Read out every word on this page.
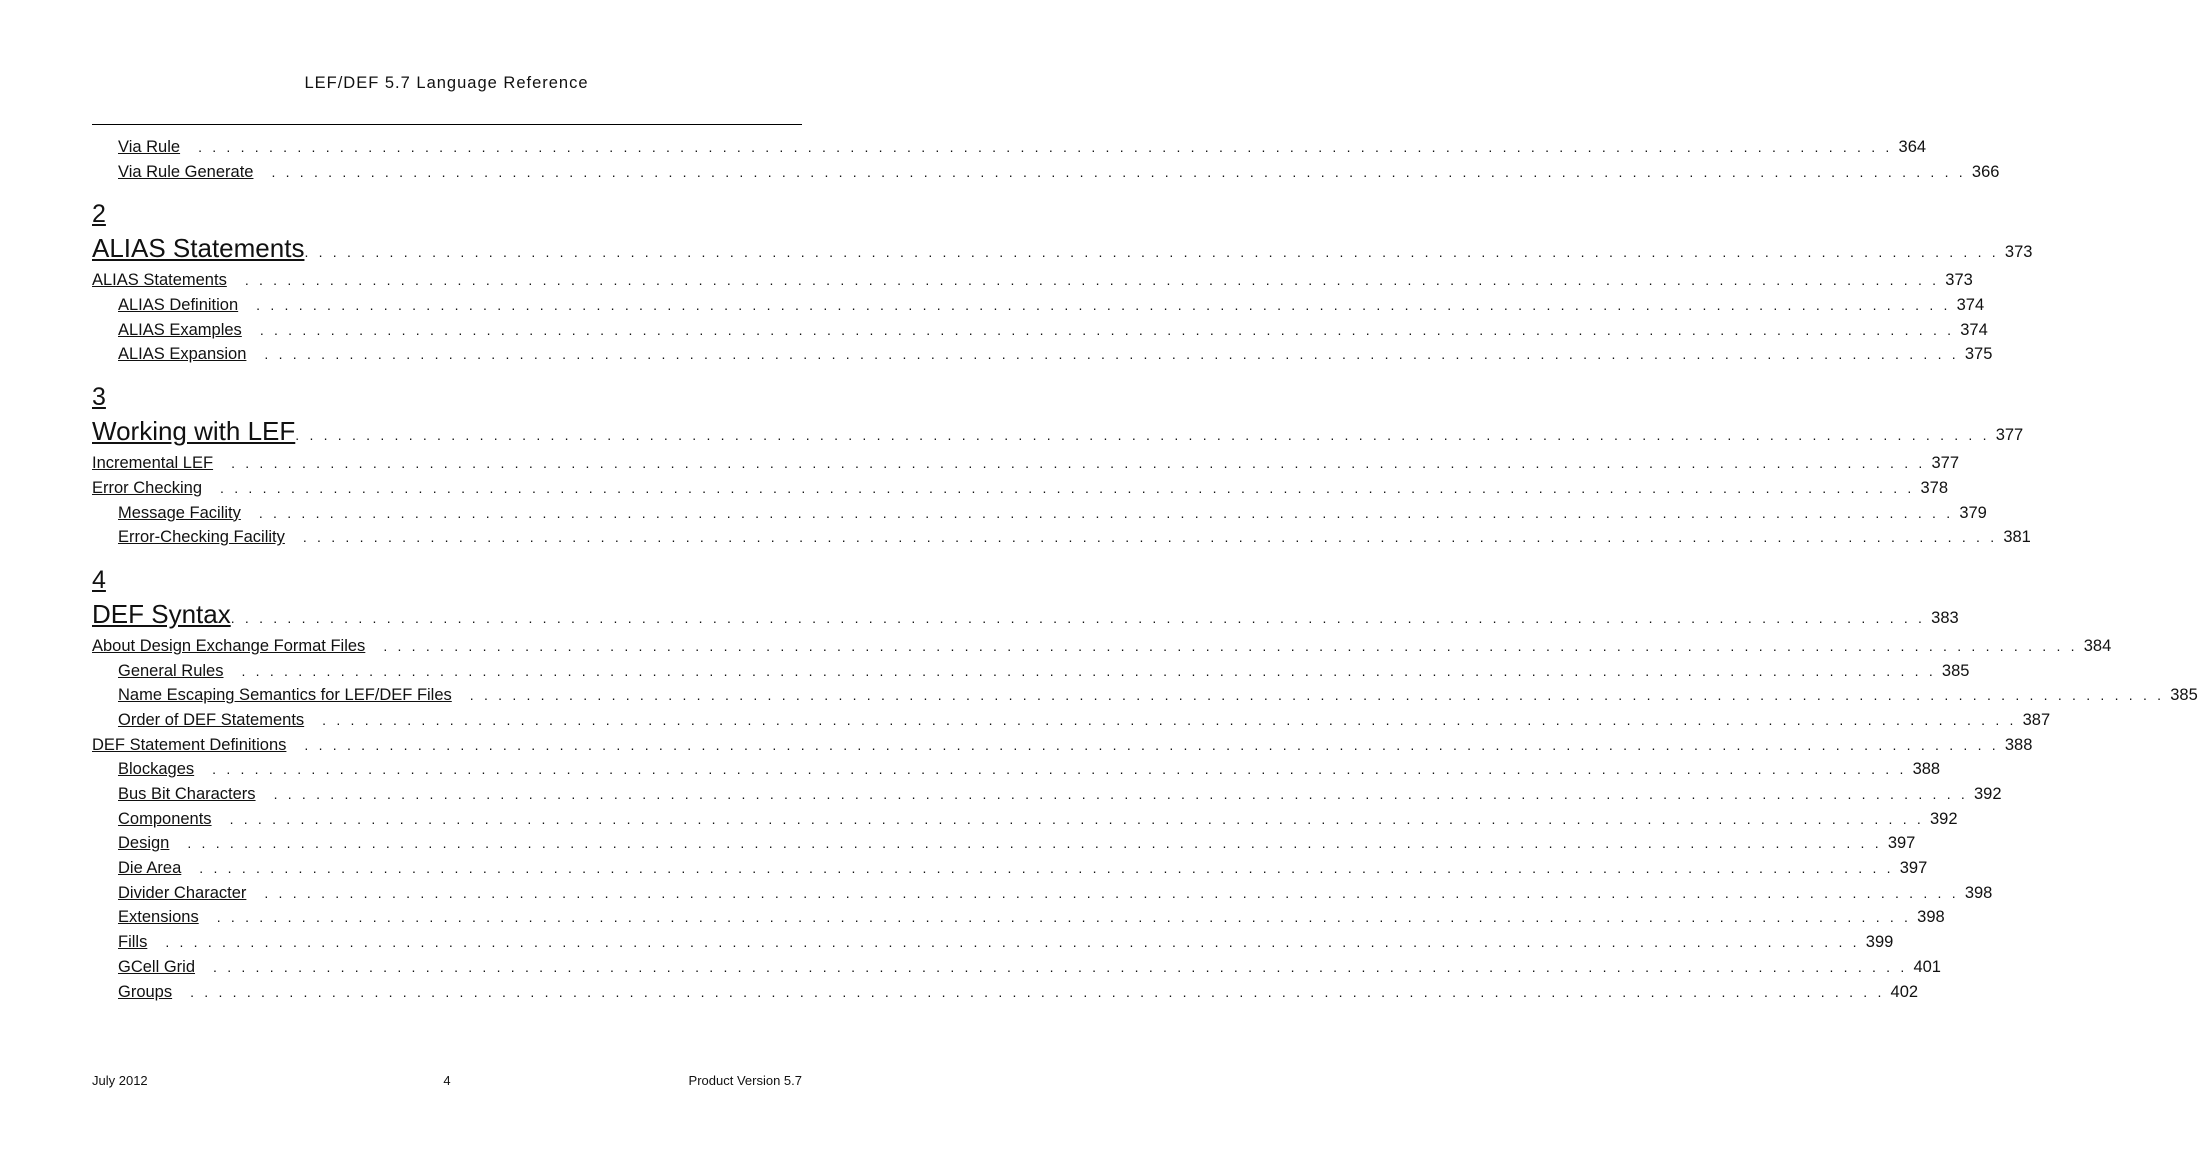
LEF/DEF 5.7 Language Reference
Via Rule . . . . . . . . . . . . . . . . . . . . . . . . . . . . . . . . . . . . . . . . . . . . . . . . . . . . . . . . . . . . . . . . . . . . . . . . . . . . . . . . . . . . . . . . . . . . . . . . . . . . . . . . . . . . . . . . . . . . . . . . 364
Via Rule Generate . . . . . . . . . . . . . . . . . . . . . . . . . . . . . . . . . . . . . . . . . . . . . . . . . . . . . . . . . . . . . . . . . . . . . . . . . . . . . . . . . . . . . . . . . . . . . . . . . . . . . . . . . . . . . . . . . . . . . . . . 366
2
ALIAS Statements . . . . . . . . . . . . . . . . . . . . . . . . . . . . . . . . . . . . . . . . . . . . . . . . . . . . . . . . . . . . . . . . . . . . . . . . . . . . . . . . . . . . . . . . . . . . . . . . . . . . . . . . . . . . . . . . . . . . . . . . 373
ALIAS Statements . . . . . . . . . . . . . . . . . . . . . . . . . . . . . . . . . . . . . . . . . . . . . . . . . . . . . . . . . . . . . . . . . . . . . . . . . . . . . . . . . . . . . . . . . . . . . . . . . . . . . . . . . . . . . . . . . . . . . . . . 373
ALIAS Definition . . . . . . . . . . . . . . . . . . . . . . . . . . . . . . . . . . . . . . . . . . . . . . . . . . . . . . . . . . . . . . . . . . . . . . . . . . . . . . . . . . . . . . . . . . . . . . . . . . . . . . . . . . . . . . . . . . . . . . . . 374
ALIAS Examples . . . . . . . . . . . . . . . . . . . . . . . . . . . . . . . . . . . . . . . . . . . . . . . . . . . . . . . . . . . . . . . . . . . . . . . . . . . . . . . . . . . . . . . . . . . . . . . . . . . . . . . . . . . . . . . . . . . . . . . . 374
ALIAS Expansion . . . . . . . . . . . . . . . . . . . . . . . . . . . . . . . . . . . . . . . . . . . . . . . . . . . . . . . . . . . . . . . . . . . . . . . . . . . . . . . . . . . . . . . . . . . . . . . . . . . . . . . . . . . . . . . . . . . . . . . . 375
3
Working with LEF . . . . . . . . . . . . . . . . . . . . . . . . . . . . . . . . . . . . . . . . . . . . . . . . . . . . . . . . . . . . . . . . . . . . . . . . . . . . . . . . . . . . . . . . . . . . . . . . . . . . . . . . . . . . . . . . . . . . . . . . 377
Incremental LEF . . . . . . . . . . . . . . . . . . . . . . . . . . . . . . . . . . . . . . . . . . . . . . . . . . . . . . . . . . . . . . . . . . . . . . . . . . . . . . . . . . . . . . . . . . . . . . . . . . . . . . . . . . . . . . . . . . . . . . . . 377
Error Checking . . . . . . . . . . . . . . . . . . . . . . . . . . . . . . . . . . . . . . . . . . . . . . . . . . . . . . . . . . . . . . . . . . . . . . . . . . . . . . . . . . . . . . . . . . . . . . . . . . . . . . . . . . . . . . . . . . . . . . . . 378
Message Facility . . . . . . . . . . . . . . . . . . . . . . . . . . . . . . . . . . . . . . . . . . . . . . . . . . . . . . . . . . . . . . . . . . . . . . . . . . . . . . . . . . . . . . . . . . . . . . . . . . . . . . . . . . . . . . . . . . . . . . . . 379
Error-Checking Facility . . . . . . . . . . . . . . . . . . . . . . . . . . . . . . . . . . . . . . . . . . . . . . . . . . . . . . . . . . . . . . . . . . . . . . . . . . . . . . . . . . . . . . . . . . . . . . . . . . . . . . . . . . . . . . . . . . . . . . . . 381
4
DEF Syntax . . . . . . . . . . . . . . . . . . . . . . . . . . . . . . . . . . . . . . . . . . . . . . . . . . . . . . . . . . . . . . . . . . . . . . . . . . . . . . . . . . . . . . . . . . . . . . . . . . . . . . . . . . . . . . . . . . . . . . . . 383
About Design Exchange Format Files . . . . . . . . . . . . . . . . . . . . . . . . . . . . . . . . . . . . . . . . . . . . . . . . . . . . . . . . . . . . . . . . . . . . . . . . . . . . . . . . . . . . . . . . . . . . . . . . . . . . . . . . . . . . . . . . . . . . . . . . 384
General Rules . . . . . . . . . . . . . . . . . . . . . . . . . . . . . . . . . . . . . . . . . . . . . . . . . . . . . . . . . . . . . . . . . . . . . . . . . . . . . . . . . . . . . . . . . . . . . . . . . . . . . . . . . . . . . . . . . . . . . . . . 385
Name Escaping Semantics for LEF/DEF Files . . . . . . . . . . . . . . . . . . . . . . . . . . . . . . . . . . . . . . . . . . . . . . . . . . . . . . . . . . . . . . . . . . . . . . . . . . . . . . . . . . . . . . . . . . . . . . . . . . . . . . . . . . . . . . . . . . . . . . . . 385
Order of DEF Statements . . . . . . . . . . . . . . . . . . . . . . . . . . . . . . . . . . . . . . . . . . . . . . . . . . . . . . . . . . . . . . . . . . . . . . . . . . . . . . . . . . . . . . . . . . . . . . . . . . . . . . . . . . . . . . . . . . . . . . . . 387
DEF Statement Definitions . . . . . . . . . . . . . . . . . . . . . . . . . . . . . . . . . . . . . . . . . . . . . . . . . . . . . . . . . . . . . . . . . . . . . . . . . . . . . . . . . . . . . . . . . . . . . . . . . . . . . . . . . . . . . . . . . . . . . . . . 388
Blockages . . . . . . . . . . . . . . . . . . . . . . . . . . . . . . . . . . . . . . . . . . . . . . . . . . . . . . . . . . . . . . . . . . . . . . . . . . . . . . . . . . . . . . . . . . . . . . . . . . . . . . . . . . . . . . . . . . . . . . . . 388
Bus Bit Characters . . . . . . . . . . . . . . . . . . . . . . . . . . . . . . . . . . . . . . . . . . . . . . . . . . . . . . . . . . . . . . . . . . . . . . . . . . . . . . . . . . . . . . . . . . . . . . . . . . . . . . . . . . . . . . . . . . . . . . . . 392
Components . . . . . . . . . . . . . . . . . . . . . . . . . . . . . . . . . . . . . . . . . . . . . . . . . . . . . . . . . . . . . . . . . . . . . . . . . . . . . . . . . . . . . . . . . . . . . . . . . . . . . . . . . . . . . . . . . . . . . . . . 392
Design . . . . . . . . . . . . . . . . . . . . . . . . . . . . . . . . . . . . . . . . . . . . . . . . . . . . . . . . . . . . . . . . . . . . . . . . . . . . . . . . . . . . . . . . . . . . . . . . . . . . . . . . . . . . . . . . . . . . . . . . 397
Die Area . . . . . . . . . . . . . . . . . . . . . . . . . . . . . . . . . . . . . . . . . . . . . . . . . . . . . . . . . . . . . . . . . . . . . . . . . . . . . . . . . . . . . . . . . . . . . . . . . . . . . . . . . . . . . . . . . . . . . . . . 397
Divider Character . . . . . . . . . . . . . . . . . . . . . . . . . . . . . . . . . . . . . . . . . . . . . . . . . . . . . . . . . . . . . . . . . . . . . . . . . . . . . . . . . . . . . . . . . . . . . . . . . . . . . . . . . . . . . . . . . . . . . . . . 398
Extensions . . . . . . . . . . . . . . . . . . . . . . . . . . . . . . . . . . . . . . . . . . . . . . . . . . . . . . . . . . . . . . . . . . . . . . . . . . . . . . . . . . . . . . . . . . . . . . . . . . . . . . . . . . . . . . . . . . . . . . . . 398
Fills . . . . . . . . . . . . . . . . . . . . . . . . . . . . . . . . . . . . . . . . . . . . . . . . . . . . . . . . . . . . . . . . . . . . . . . . . . . . . . . . . . . . . . . . . . . . . . . . . . . . . . . . . . . . . . . . . . . . . . . . 399
GCell Grid . . . . . . . . . . . . . . . . . . . . . . . . . . . . . . . . . . . . . . . . . . . . . . . . . . . . . . . . . . . . . . . . . . . . . . . . . . . . . . . . . . . . . . . . . . . . . . . . . . . . . . . . . . . . . . . . . . . . . . . . 401
Groups . . . . . . . . . . . . . . . . . . . . . . . . . . . . . . . . . . . . . . . . . . . . . . . . . . . . . . . . . . . . . . . . . . . . . . . . . . . . . . . . . . . . . . . . . . . . . . . . . . . . . . . . . . . . . . . . . . . . . . . . 402
July 2012	4	Product Version 5.7
